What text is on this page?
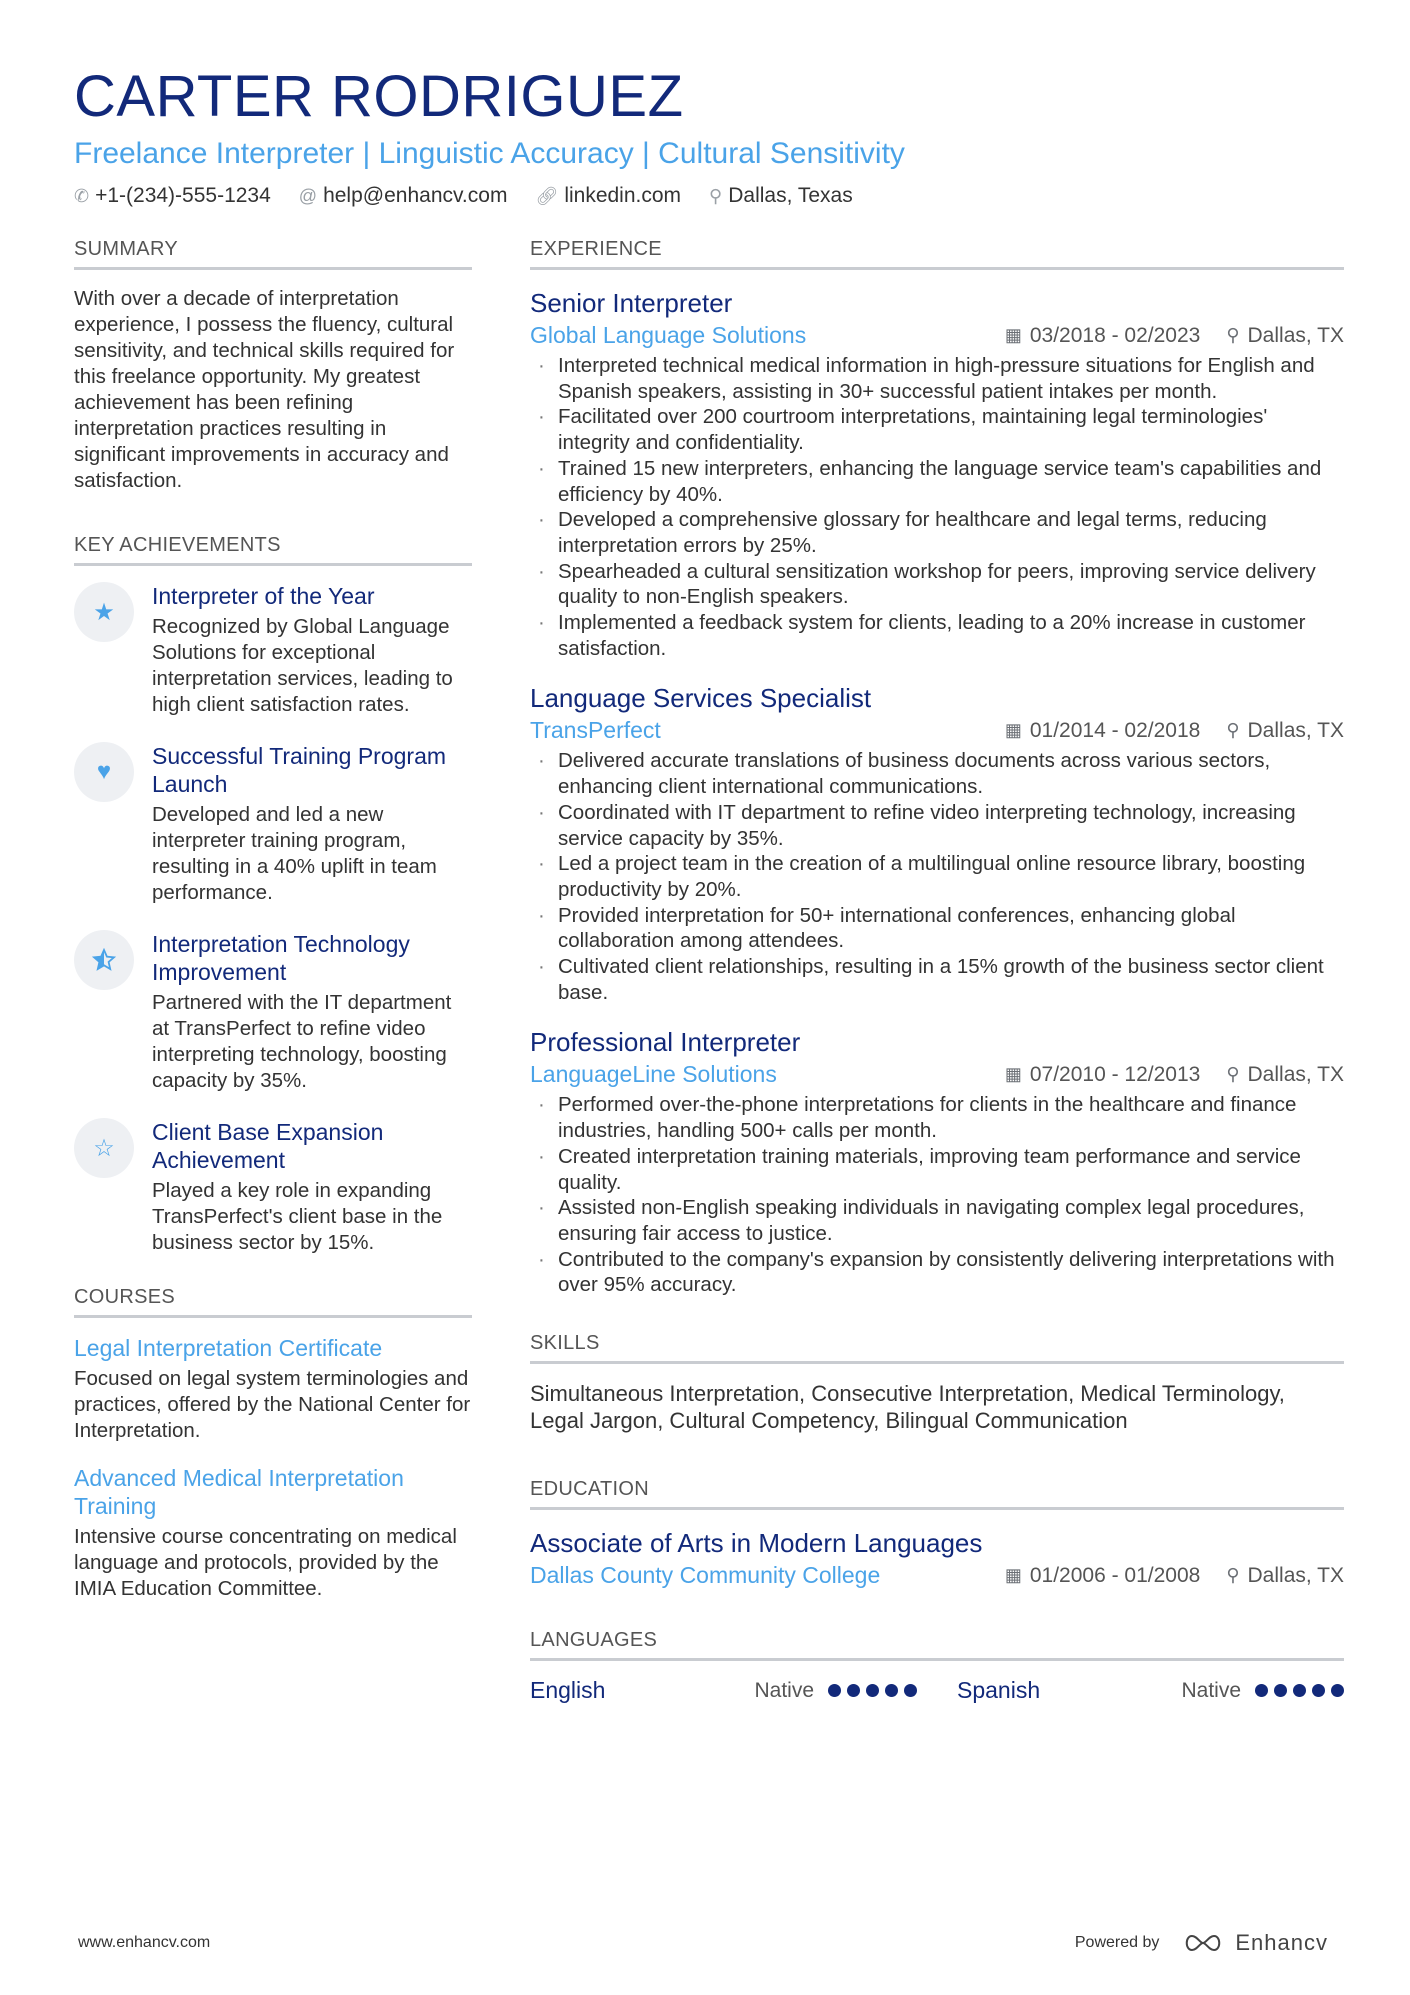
CARTER RODRIGUEZ
Freelance Interpreter | Linguistic Accuracy | Cultural Sensitivity
✆ +1-(234)-555-1234 @ help@enhancv.com 🔗︎ linkedin.com ⚲ Dallas, Texas
SUMMARY
With over a decade of interpretation experience, I possess the fluency, cultural sensitivity, and technical skills required for this freelance opportunity. My greatest achievement has been refining interpretation practices resulting in significant improvements in accuracy and satisfaction.
KEY ACHIEVEMENTS
★
Interpreter of the Year
Recognized by Global Language Solutions for exceptional interpretation services, leading to high client satisfaction rates.
♥
Successful Training Program Launch
Developed and led a new interpreter training program, resulting in a 40% uplift in team performance.
Interpretation Technology Improvement
Partnered with the IT department at TransPerfect to refine video interpreting technology, boosting capacity by 35%.
☆
Client Base Expansion Achievement
Played a key role in expanding TransPerfect's client base in the business sector by 15%.
COURSES
Legal Interpretation Certificate
Focused on legal system terminologies and practices, offered by the National Center for Interpretation.
Advanced Medical Interpretation Training
Intensive course concentrating on medical language and protocols, provided by the IMIA Education Committee.
EXPERIENCE
Senior Interpreter
Global Language Solutions	▦ 03/2018 - 02/2023 ⚲ Dallas, TX
· Interpreted technical medical information in high-pressure situations for English and Spanish speakers, assisting in 30+ successful patient intakes per month.
· Facilitated over 200 courtroom interpretations, maintaining legal terminologies' integrity and confidentiality.
· Trained 15 new interpreters, enhancing the language service team's capabilities and efficiency by 40%.
· Developed a comprehensive glossary for healthcare and legal terms, reducing interpretation errors by 25%.
· Spearheaded a cultural sensitization workshop for peers, improving service delivery quality to non-English speakers.
· Implemented a feedback system for clients, leading to a 20% increase in customer satisfaction.
Language Services Specialist
TransPerfect	▦ 01/2014 - 02/2018 ⚲ Dallas, TX
· Delivered accurate translations of business documents across various sectors, enhancing client international communications.
· Coordinated with IT department to refine video interpreting technology, increasing service capacity by 35%.
· Led a project team in the creation of a multilingual online resource library, boosting productivity by 20%.
· Provided interpretation for 50+ international conferences, enhancing global collaboration among attendees.
· Cultivated client relationships, resulting in a 15% growth of the business sector client base.
Professional Interpreter
LanguageLine Solutions	▦ 07/2010 - 12/2013 ⚲ Dallas, TX
· Performed over-the-phone interpretations for clients in the healthcare and finance industries, handling 500+ calls per month.
· Created interpretation training materials, improving team performance and service quality.
· Assisted non-English speaking individuals in navigating complex legal procedures, ensuring fair access to justice.
· Contributed to the company's expansion by consistently delivering interpretations with over 95% accuracy.
SKILLS
Simultaneous Interpretation, Consecutive Interpretation, Medical Terminology, Legal Jargon, Cultural Competency, Bilingual Communication
EDUCATION
Associate of Arts in Modern Languages
Dallas County Community College	▦ 01/2006 - 01/2008 ⚲ Dallas, TX
LANGUAGES
English	Native	Spanish	Native
www.enhancv.com	Powered by	Enhancv
